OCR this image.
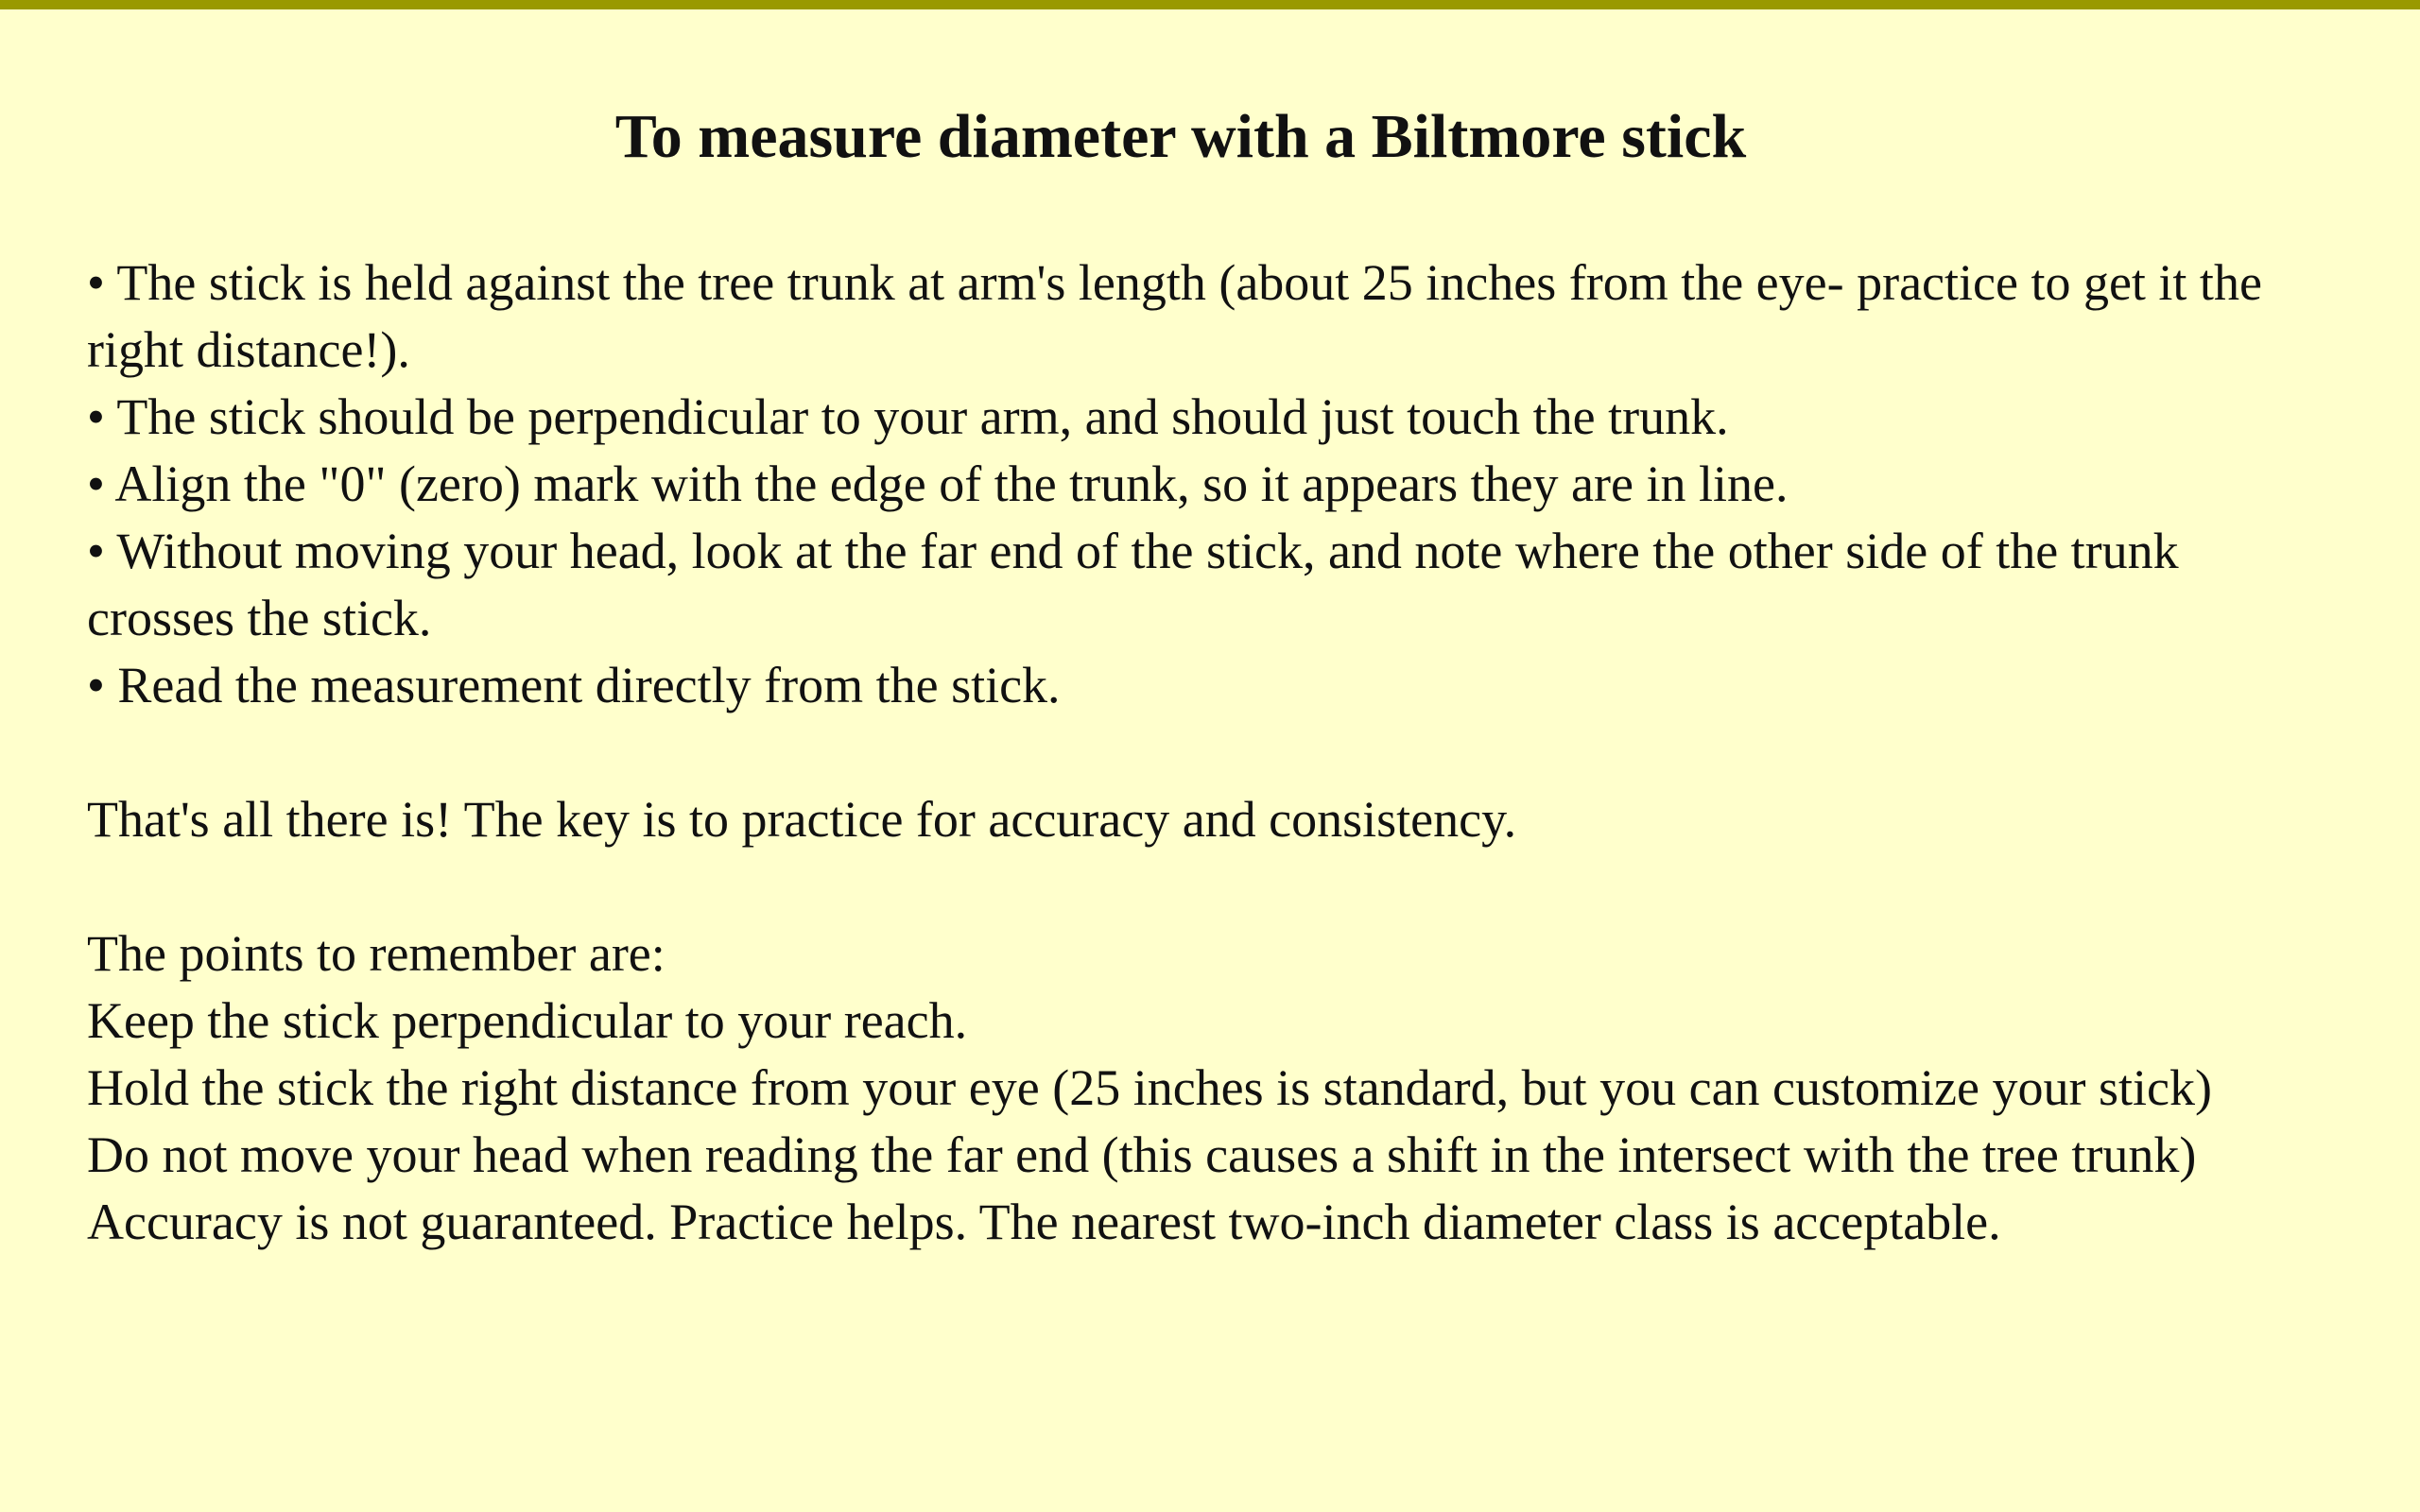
To measure diameter with a Biltmore stick

• The stick is held against the tree trunk at arm's length (about 25 inches from the eye- practice to get it the right distance!).

• The stick should be perpendicular to your arm, and should just touch the trunk.

• Align the "0" (zero) mark with the edge of the trunk, so it appears they are in line.

• Without moving your head, look at the far end of the stick, and note where the other side of the trunk crosses the stick.

• Read the measurement directly from the stick.

That's all there is! The key is to practice for accuracy and consistency.

The points to remember are:

Keep the stick perpendicular to your reach.

Hold the stick the right distance from your eye (25 inches is standard, but you can customize your stick)

Do not move your head when reading the far end (this causes a shift in the intersect with the tree trunk)

Accuracy is not guaranteed. Practice helps. The nearest two-inch diameter class is acceptable.
